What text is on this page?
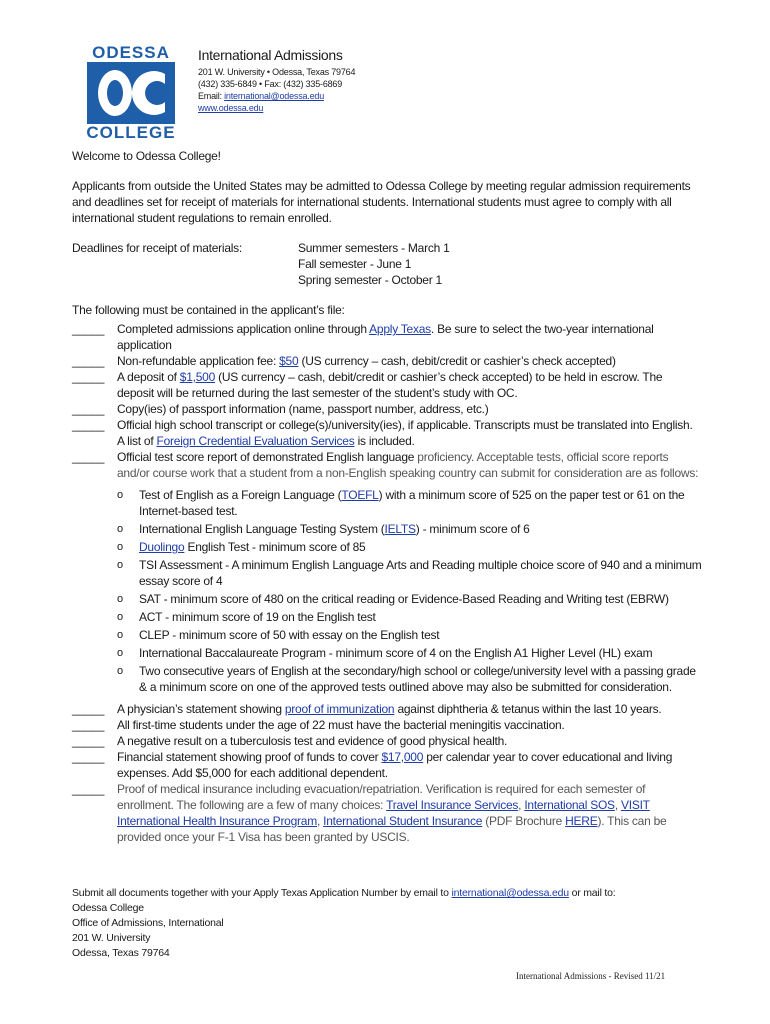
ODESSA
COLLEGE
International Admissions
201 W. University • Odessa, Texas 79764
(432) 335-6849 • Fax: (432) 335-6869
Email: international@odessa.edu
www.odessa.edu

Welcome to Odessa College!

Applicants from outside the United States may be admitted to Odessa College by meeting regular admission requirements and deadlines set for receipt of materials for international students. International students must agree to comply with all international student regulations to remain enrolled.

Deadlines for receipt of materials:	Summer semesters - March 1
Fall semester - June 1
Spring semester - October 1
The following must be contained in the applicant’s file:
_____	Completed admissions application online through Apply Texas. Be sure to select the two-year international application
_____	Non-refundable application fee: $50 (US currency – cash, debit/credit or cashier’s check accepted)
_____	A deposit of $1,500 (US currency – cash, debit/credit or cashier’s check accepted) to be held in escrow. The deposit will be returned during the last semester of the student’s study with OC.
_____	Copy(ies) of passport information (name, passport number, address, etc.)
_____	Official high school transcript or college(s)/university(ies), if applicable. Transcripts must be translated into English. A list of Foreign Credential Evaluation Services is included.
_____	Official test score report of demonstrated English language proficiency. Acceptable tests, official score reports and/or course work that a student from a non-English speaking country can submit for consideration are as follows:
o	Test of English as a Foreign Language (TOEFL) with a minimum score of 525 on the paper test or 61 on the Internet-based test.
o	International English Language Testing System (IELTS) - minimum score of 6
o	Duolingo English Test - minimum score of 85
o	TSI Assessment - A minimum English Language Arts and Reading multiple choice score of 940 and a minimum essay score of 4
o	SAT - minimum score of 480 on the critical reading or Evidence-Based Reading and Writing test (EBRW)
o	ACT - minimum score of 19 on the English test
o	CLEP - minimum score of 50 with essay on the English test
o	International Baccalaureate Program - minimum score of 4 on the English A1 Higher Level (HL) exam
o	Two consecutive years of English at the secondary/high school or college/university level with a passing grade & a minimum score on one of the approved tests outlined above may also be submitted for consideration.
_____	A physician’s statement showing proof of immunization against diphtheria & tetanus within the last 10 years.
_____	All first-time students under the age of 22 must have the bacterial meningitis vaccination.
_____	A negative result on a tuberculosis test and evidence of good physical health.
_____	Financial statement showing proof of funds to cover $17,000 per calendar year to cover educational and living expenses. Add $5,000 for each additional dependent.
_____	Proof of medical insurance including evacuation/repatriation. Verification is required for each semester of enrollment. The following are a few of many choices: Travel Insurance Services, International SOS, VISIT International Health Insurance Program, International Student Insurance (PDF Brochure HERE). This can be provided once your F-1 Visa has been granted by USCIS.
Submit all documents together with your Apply Texas Application Number by email to international@odessa.edu or mail to:
Odessa College
Office of Admissions, International
201 W. University
Odessa, Texas 79764
International Admissions - Revised 11/21
